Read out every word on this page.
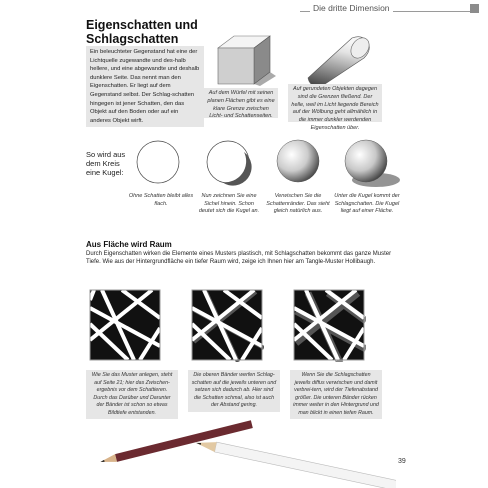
Die dritte Dimension
Eigenschatten und
Schlagschatten
Ein beleuchteter Gegenstand hat eine der Lichtquelle zugewandte und des-halb hellere, und eine abgewandte und deshalb dunklere Seite. Das nennt man den Eigenschatten. Er liegt auf dem Gegenstand selbst. Der Schlag-schatten hingegen ist jener Schatten, den das Objekt auf den Boden oder auf ein anderes Objekt wirft.
Auf dem Würfel mit seinen planen Flächen gibt es eine klare Grenze zwischen Licht- und Schattenseiten.
Auf gerundeten Objekten dagegen sind die Grenzen fließend. Der helle, weil im Licht liegende Bereich auf der Wölbung geht allmählich in die immer dunkler werdenden Eigenschatten über.
So wird aus
dem Kreis
eine Kugel:
Ohne Schatten bleibt alles flach.
Nun zeichnen Sie eine Sichel hinein. Schon deutet sich die Kugel an.
Verwischen Sie die Schattenränder. Das sieht gleich natürlich aus.
Unter die Kugel kommt der Schlagschatten. Die Kugel liegt auf einer Fläche.
Aus Fläche wird Raum
Durch Eigenschatten wirken die Elemente eines Musters plastisch, mit Schlagschatten bekommt das ganze Muster Tiefe. Wie aus der Hintergrundfläche ein tiefer Raum wird, zeige ich Ihnen hier am Tangle-Muster Hollibaugh.
Wie Sie das Muster anlegen, steht auf Seite 21; hier das Zwischen-ergebnis vor dem Schattieren. Durch das Darüber und Darunter der Bänder ist schon so etwas Bildtiefe entstanden.
Die oberen Bänder werfen Schlag-schatten auf die jeweils unteren und setzen sich dadurch ab. Hier sind die Schatten schmal, also ist auch der Abstand gering.
Wenn Sie die Schlagschatten jeweils diffus verwischen und damit verbrei-tern, wird der Tiefenabstand größer. Die unteren Bänder rücken immer weiter in den Hintergrund und man blickt in einen tiefen Raum.
39
